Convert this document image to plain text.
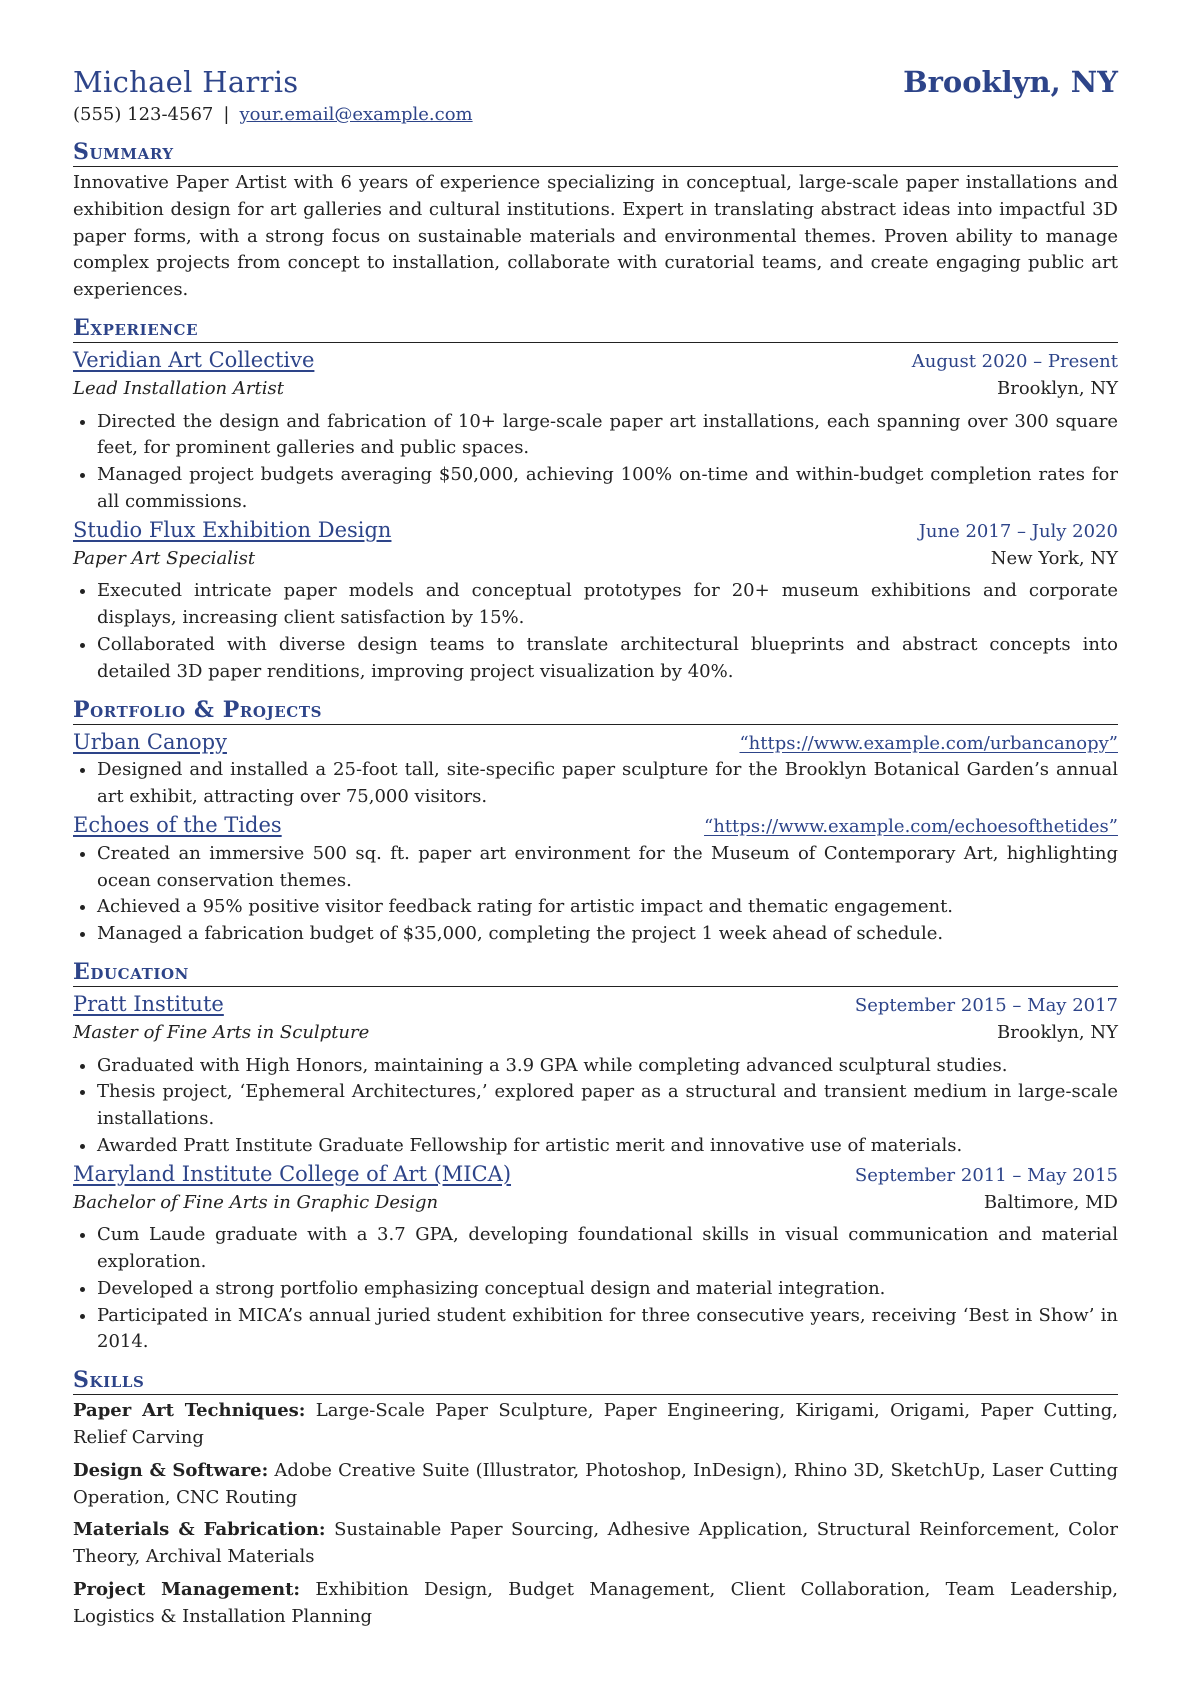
Michael Harris	Brooklyn, NY
(555) 123-4567 | your.email@example.com
Summary
Innovative Paper Artist with 6 years of experience specializing in conceptual, large-scale paper installations and exhibition design for art galleries and cultural institutions. Expert in translating abstract ideas into impactful 3D paper forms, with a strong focus on sustainable materials and environmental themes. Proven ability to manage complex projects from concept to installation, collaborate with curatorial teams, and create engaging public art experiences.
Experience
Veridian Art Collective	August 2020 – Present
Lead Installation Artist	Brooklyn, NY
• Directed the design and fabrication of 10+ large-scale paper art installations, each spanning over 300 square feet, for prominent galleries and public spaces.
• Managed project budgets averaging $50,000, achieving 100% on-time and within-budget completion rates for all commissions.
Studio Flux Exhibition Design	June 2017 – July 2020
Paper Art Specialist	New York, NY
• Executed intricate paper models and conceptual prototypes for 20+ museum exhibitions and corporate displays, increasing client satisfaction by 15%.
• Collaborated with diverse design teams to translate architectural blueprints and abstract concepts into detailed 3D paper renditions, improving project visualization by 40%.
Portfolio & Projects
Urban Canopy	“https://www.example.com/urbancanopy”
• Designed and installed a 25-foot tall, site-specific paper sculpture for the Brooklyn Botanical Garden’s annual art exhibit, attracting over 75,000 visitors.
Echoes of the Tides	“https://www.example.com/echoesofthetides”
• Created an immersive 500 sq. ft. paper art environment for the Museum of Contemporary Art, highlighting ocean conservation themes.
• Achieved a 95% positive visitor feedback rating for artistic impact and thematic engagement.
• Managed a fabrication budget of $35,000, completing the project 1 week ahead of schedule.
Education
Pratt Institute	September 2015 – May 2017
Master of Fine Arts in Sculpture	Brooklyn, NY
• Graduated with High Honors, maintaining a 3.9 GPA while completing advanced sculptural studies.
• Thesis project, ‘Ephemeral Architectures,’ explored paper as a structural and transient medium in large-scale installations.
• Awarded Pratt Institute Graduate Fellowship for artistic merit and innovative use of materials.
Maryland Institute College of Art (MICA)	September 2011 – May 2015
Bachelor of Fine Arts in Graphic Design	Baltimore, MD
• Cum Laude graduate with a 3.7 GPA, developing foundational skills in visual communication and material exploration.
• Developed a strong portfolio emphasizing conceptual design and material integration.
• Participated in MICA’s annual juried student exhibition for three consecutive years, receiving ‘Best in Show’ in 2014.
Skills
Paper Art Techniques: Large-Scale Paper Sculpture, Paper Engineering, Kirigami, Origami, Paper Cutting, Relief Carving
Design & Software: Adobe Creative Suite (Illustrator, Photoshop, InDesign), Rhino 3D, SketchUp, Laser Cutting Operation, CNC Routing
Materials & Fabrication: Sustainable Paper Sourcing, Adhesive Application, Structural Reinforcement, Color Theory, Archival Materials
Project Management: Exhibition Design, Budget Management, Client Collaboration, Team Leadership, Logistics & Installation Planning
